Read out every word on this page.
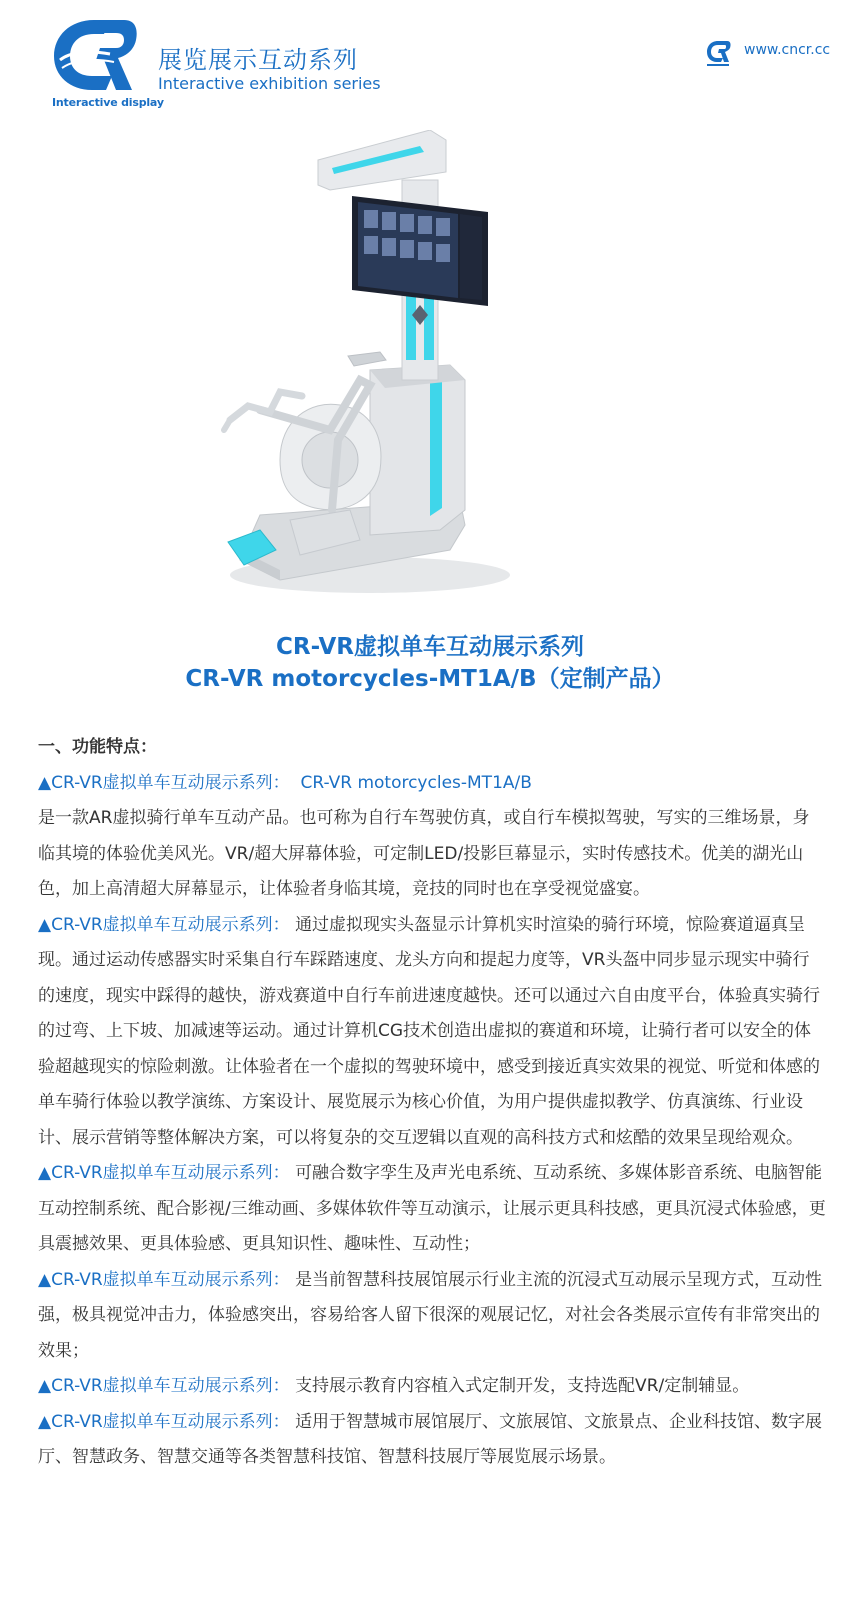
Interactive display
展览展示互动系列
Interactive exhibition series
www.cncr.cc
CR-VR虚拟单车互动展示系列
CR-VR motorcycles-MT1A/B（定制产品）

一、功能特点：

▲CR-VR虚拟单车互动展示系列： CR-VR motorcycles-MT1A/B
是一款AR虚拟骑行单车互动产品。也可称为自行车驾驶仿真，或自行车模拟驾驶，写实的三维场景，身临其境的体验优美风光。VR/超大屏幕体验，可定制LED/投影巨幕显示，实时传感技术。优美的湖光山色，加上高清超大屏幕显示，让体验者身临其境，竞技的同时也在享受视觉盛宴。

▲CR-VR虚拟单车互动展示系列： 通过虚拟现实头盔显示计算机实时渲染的骑行环境，惊险赛道逼真呈现。通过运动传感器实时采集自行车踩踏速度、龙头方向和提起力度等，VR头盔中同步显示现实中骑行的速度，现实中踩得的越快，游戏赛道中自行车前进速度越快。还可以通过六自由度平台，体验真实骑行的过弯、上下坡、加减速等运动。通过计算机CG技术创造出虚拟的赛道和环境，让骑行者可以安全的体验超越现实的惊险刺激。让体验者在一个虚拟的驾驶环境中，感受到接近真实效果的视觉、听觉和体感的单车骑行体验以教学演练、方案设计、展览展示为核心价值，为用户提供虚拟教学、仿真演练、行业设计、展示营销等整体解决方案，可以将复杂的交互逻辑以直观的高科技方式和炫酷的效果呈现给观众。

▲CR-VR虚拟单车互动展示系列： 可融合数字孪生及声光电系统、互动系统、多媒体影音系统、电脑智能互动控制系统、配合影视/三维动画、多媒体软件等互动演示，让展示更具科技感，更具沉浸式体验感，更具震撼效果、更具体验感、更具知识性、趣味性、互动性；

▲CR-VR虚拟单车互动展示系列： 是当前智慧科技展馆展示行业主流的沉浸式互动展示呈现方式，互动性强，极具视觉冲击力，体验感突出，容易给客人留下很深的观展记忆，对社会各类展示宣传有非常突出的效果；

▲CR-VR虚拟单车互动展示系列： 支持展示教育内容植入式定制开发，支持选配VR/定制辅显。

▲CR-VR虚拟单车互动展示系列： 适用于智慧城市展馆展厅、文旅展馆、文旅景点、企业科技馆、数字展厅、智慧政务、智慧交通等各类智慧科技馆、智慧科技展厅等展览展示场景。
